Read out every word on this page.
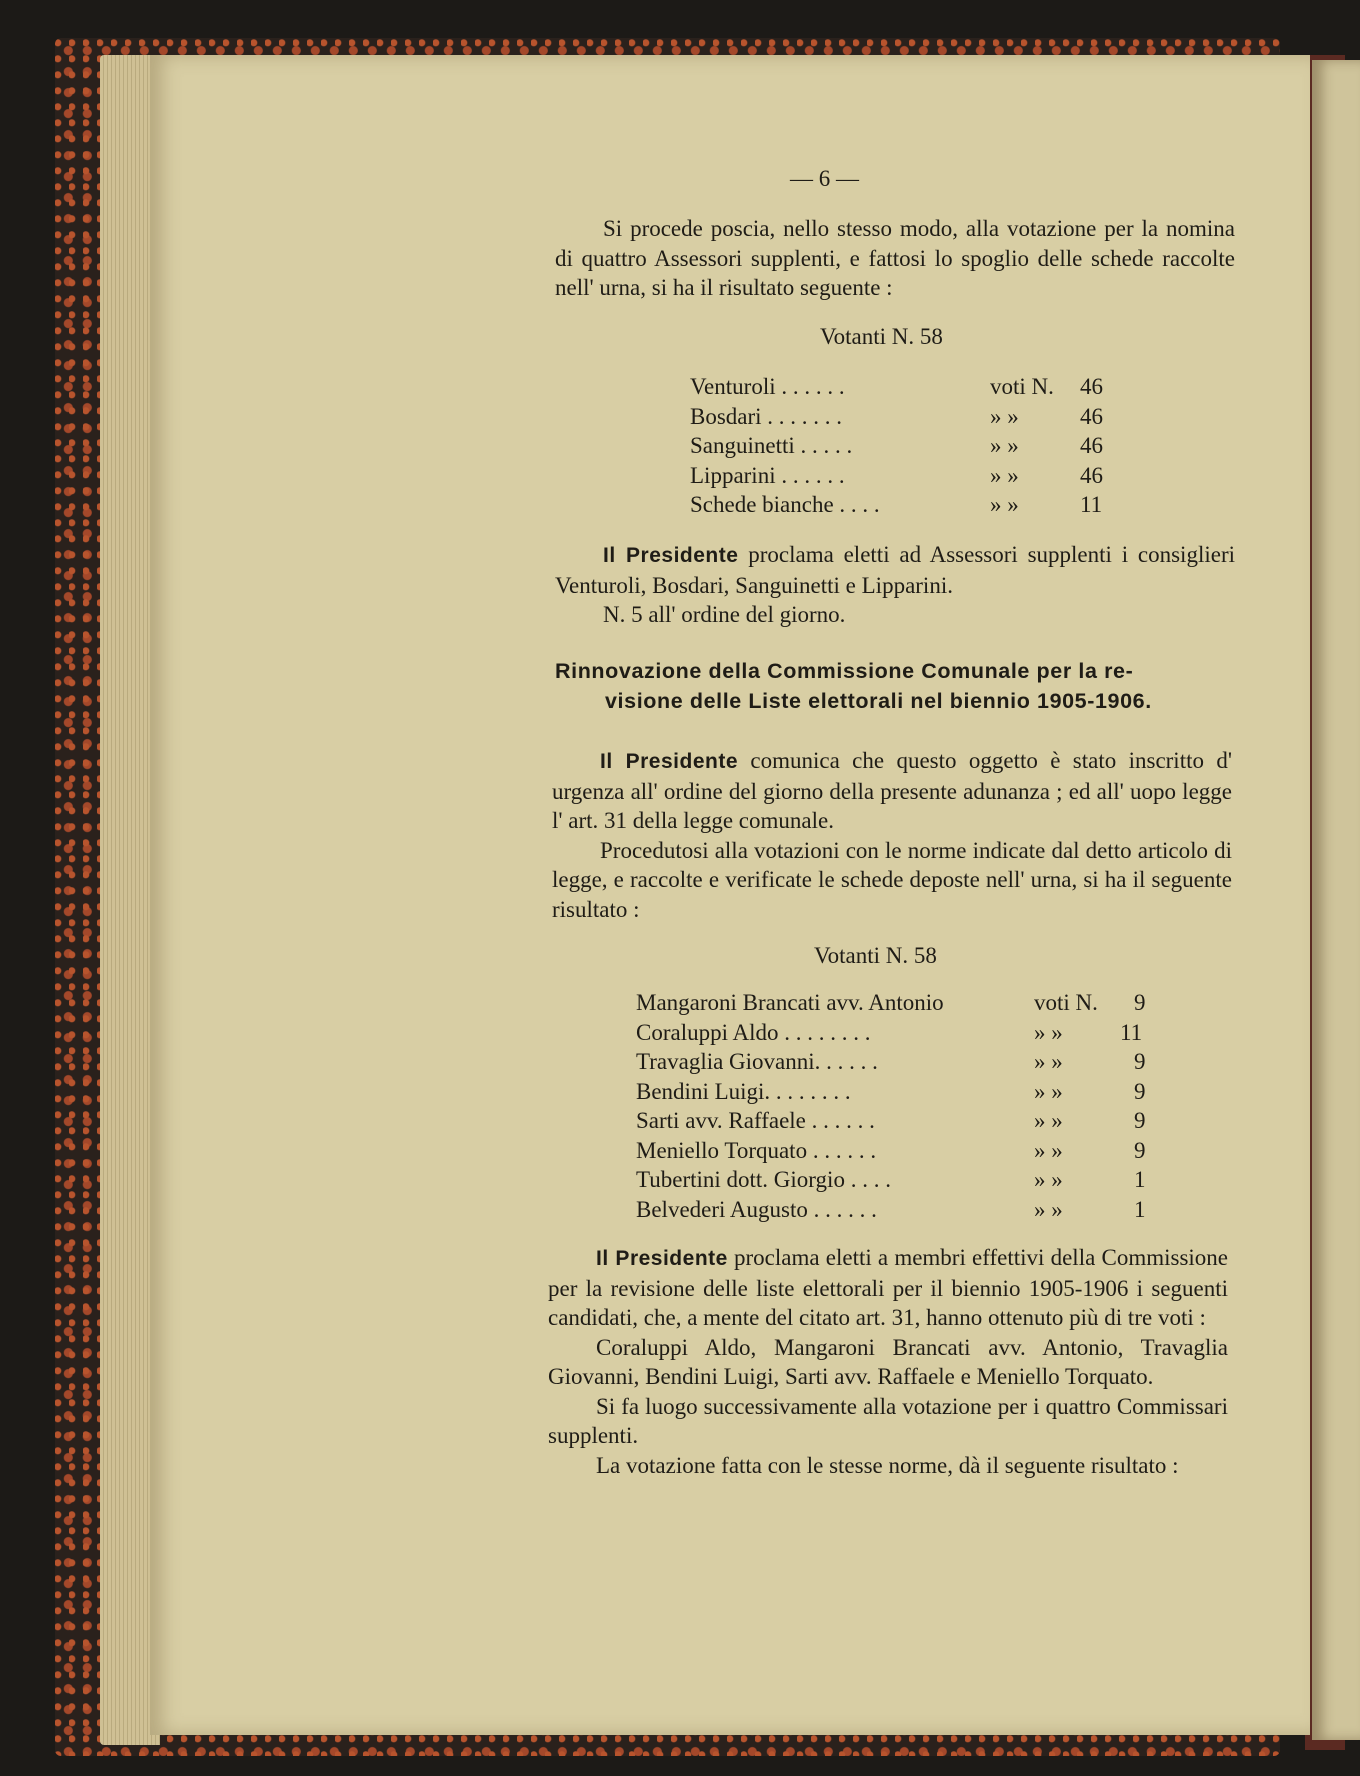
— 6 —

Si procede poscia, nello stesso modo, alla votazione per la nomina di quattro Assessori supplenti, e fattosi lo spoglio delle schede raccolte nell' urna, si ha il risultato seguente :

Votanti N. 58
Venturoli . . . . . .	voti N. 46
Bosdari . . . . . . .	» »	46
Sanguinetti . . . . .	» »	46
Lipparini . . . . . .	» »	46
Schede bianche . . . .	» »	11

Il Presidente proclama eletti ad Assessori supplenti i consiglieri Venturoli, Bosdari, Sanguinetti e Lipparini.

N. 5 all' ordine del giorno.

Rinnovazione della Commissione Comunale per la re-
visione delle Liste elettorali nel biennio 1905-1906.

Il Presidente comunica che questo oggetto è stato inscritto d' urgenza all' ordine del giorno della presente adunanza ; ed all' uopo legge l' art. 31 della legge comunale.

Procedutosi alla votazioni con le norme indicate dal detto articolo di legge, e raccolte e verificate le schede deposte nell' urna, si ha il seguente risultato :

Votanti N. 58
Mangaroni Brancati avv. Antonio	voti N. 9
Coraluppi Aldo . . . . . . . .	» » 11
Travaglia Giovanni. . . . . .	» »	9
Bendini Luigi. . . . . . . .	» »	9
Sarti avv. Raffaele . . . . . .	» »	9
Meniello Torquato . . . . . .	» »	9
Tubertini dott. Giorgio . . . .	» »	1
Belvederi Augusto . . . . . .	» »	1

Il Presidente proclama eletti a membri effettivi della Commissione per la revisione delle liste elettorali per il biennio 1905-1906 i seguenti candidati, che, a mente del citato art. 31, hanno ottenuto più di tre voti :

Coraluppi Aldo, Mangaroni Brancati avv. Antonio, Travaglia Giovanni, Bendini Luigi, Sarti avv. Raffaele e Meniello Torquato.

Si fa luogo successivamente alla votazione per i quattro Commissari supplenti.

La votazione fatta con le stesse norme, dà il seguente risultato :
